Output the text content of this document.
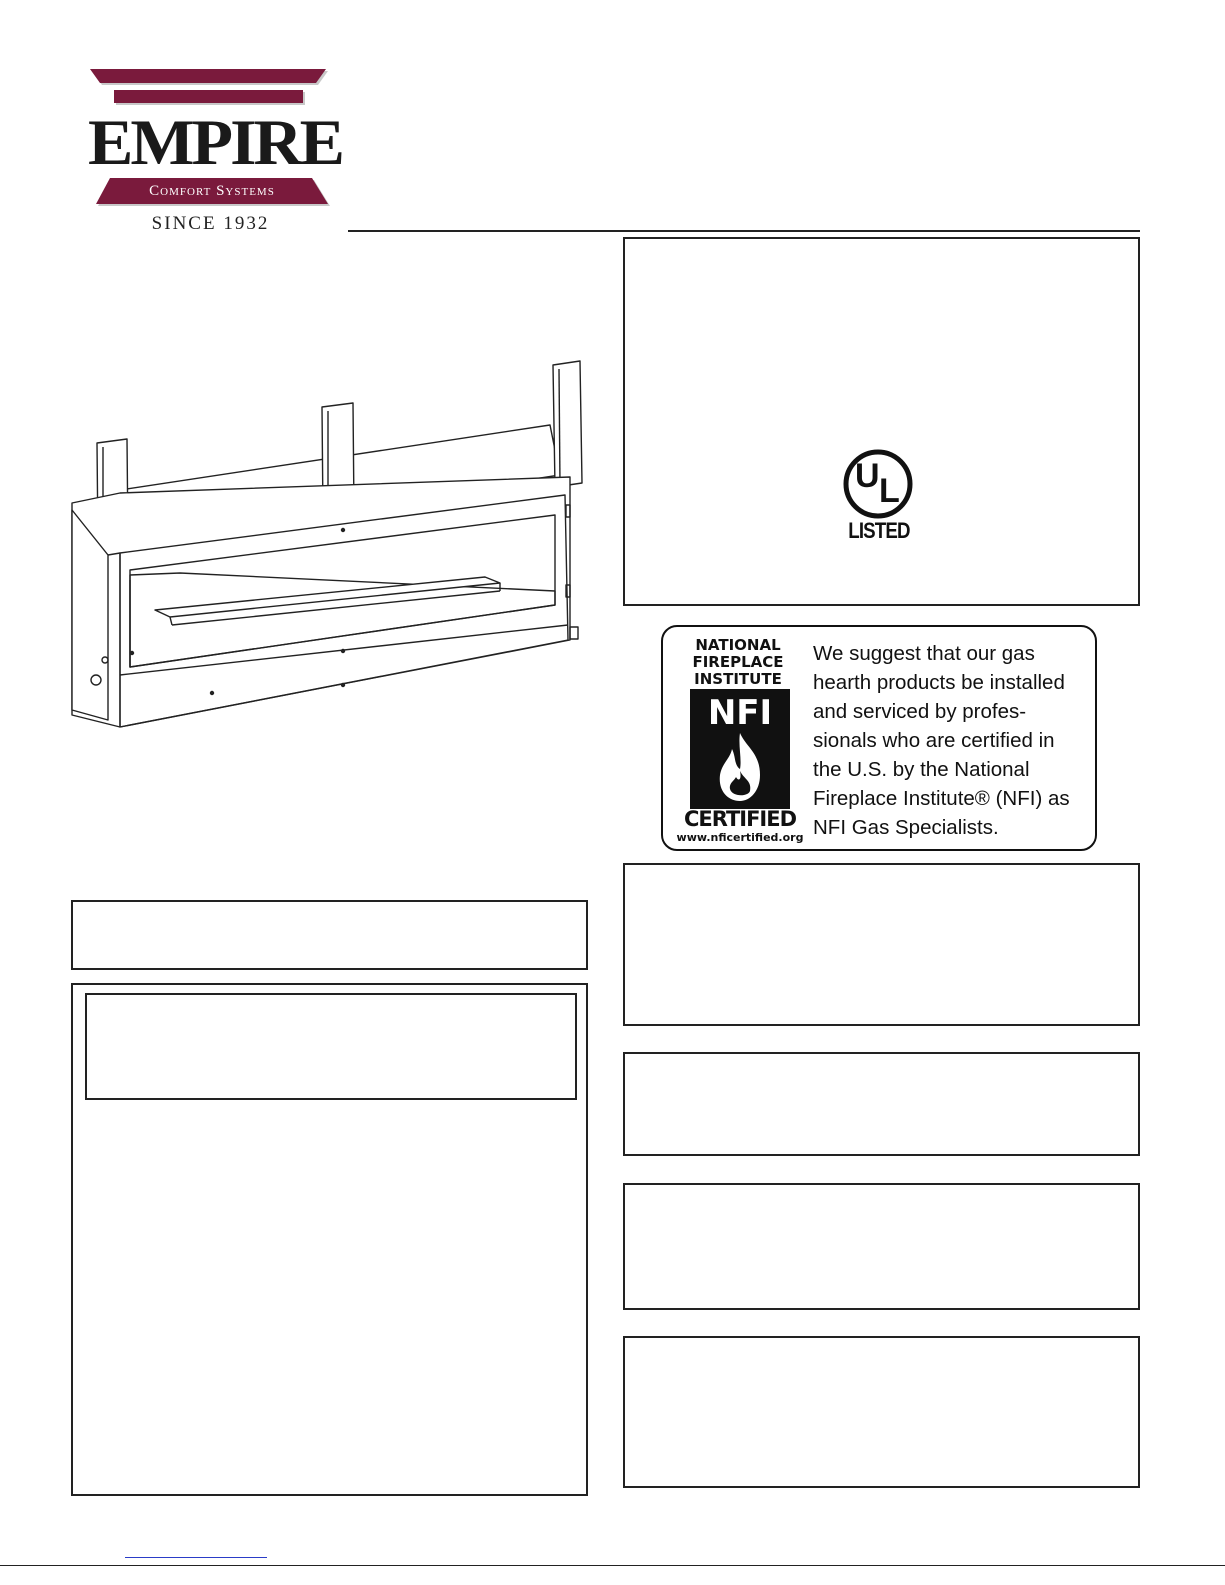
EMPIRE
Comfort Systems
SINCE 1932
U L
LISTED
NATIONAL
FIREPLACE
INSTITUTE
NFI
CERTIFIED
www.nficertified.org
We suggest that our gas
hearth products be installed
and serviced by profes-
sionals who are certified in
the U.S. by the National
Fireplace Institute® (NFI) as
NFI Gas Specialists.
